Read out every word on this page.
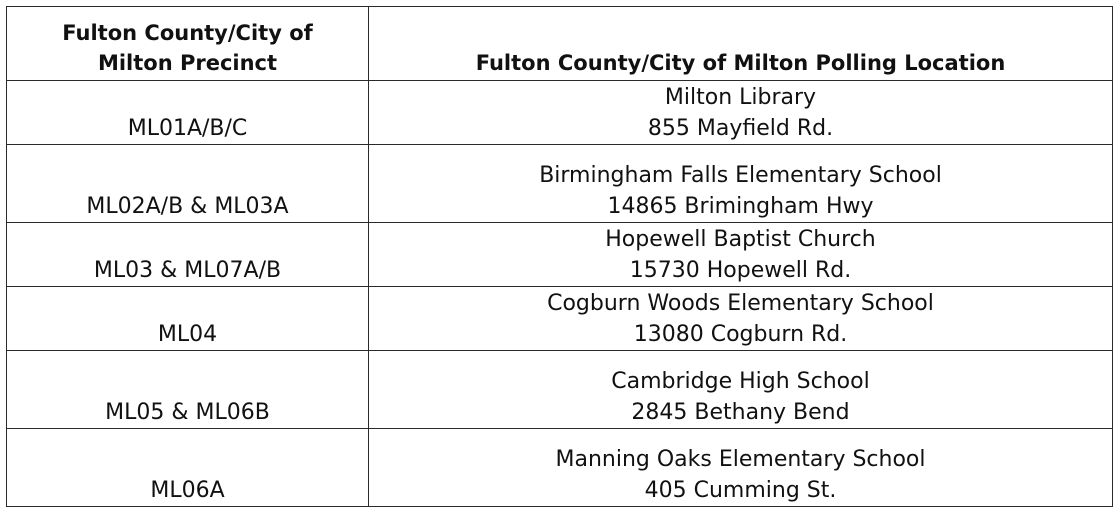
Fulton County/City of
Milton Precinct	Fulton County/City of Milton Polling Location

ML01A/B/C	Milton Library
855 Mayfield Rd.

ML02A/B & ML03A	Birmingham Falls Elementary School
14865 Brimingham Hwy

ML03 & ML07A/B	Hopewell Baptist Church
15730 Hopewell Rd.

ML04	Cogburn Woods Elementary School
13080 Cogburn Rd.

ML05 & ML06B	Cambridge High School
2845 Bethany Bend

ML06A	Manning Oaks Elementary School
405 Cumming St.
